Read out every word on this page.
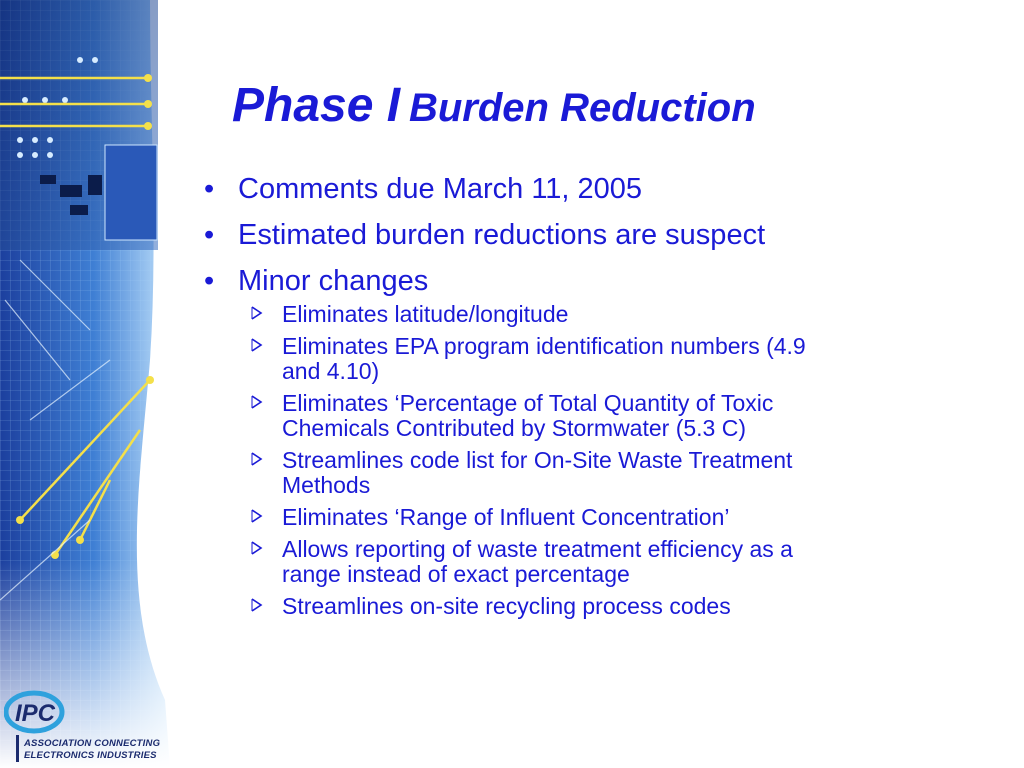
IPC
ASSOCIATION CONNECTING
ELECTRONICS INDUSTRIES
Phase I Burden Reduction
• Comments due March 11, 2005
• Estimated burden reductions are suspect
• Minor changes
Eliminates latitude/longitude
Eliminates EPA program identification numbers (4.9 and 4.10)
Eliminates ‘Percentage of Total Quantity of Toxic Chemicals Contributed by Stormwater (5.3 C)
Streamlines code list for On-Site Waste Treatment Methods
Eliminates ‘Range of Influent Concentration’
Allows reporting of waste treatment efficiency as a range instead of exact percentage
Streamlines on-site recycling process codes
